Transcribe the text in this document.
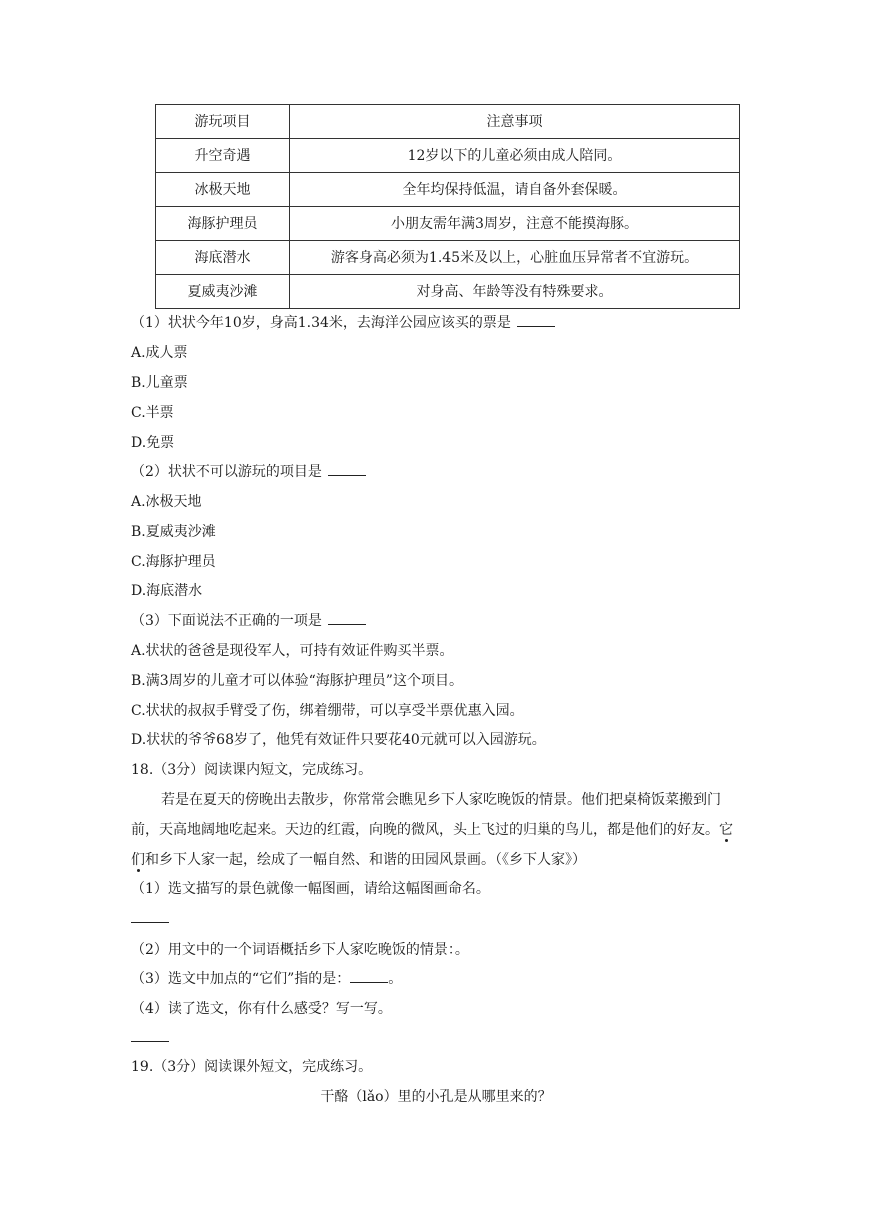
游玩项目	注意事项
升空奇遇	12岁以下的儿童必须由成人陪同。
冰极天地	全年均保持低温，请自备外套保暖。
海豚护理员	小朋友需年满3周岁，注意不能摸海豚。
海底潜水	游客身高必须为1.45米及以上，心脏血压异常者不宜游玩。
夏威夷沙滩	对身高、年龄等没有特殊要求。
（1）状状今年10岁，身高1.34米，去海洋公园应该买的票是
A.成人票
B.儿童票
C.半票
D.免票
（2）状状不可以游玩的项目是
A.冰极天地
B.夏威夷沙滩
C.海豚护理员
D.海底潜水
（3）下面说法不正确的一项是
A.状状的爸爸是现役军人，可持有效证件购买半票。
B.满3周岁的儿童才可以体验“海豚护理员”这个项目。
C.状状的叔叔手臂受了伤，绑着绷带，可以享受半票优惠入园。
D.状状的爷爷68岁了，他凭有效证件只要花40元就可以入园游玩。
18.（3分）阅读课内短文，完成练习。
若是在夏天的傍晚出去散步，你常常会瞧见乡下人家吃晚饭的情景。他们把桌椅饭菜搬到门前，天高地阔地吃起来。天边的红霞，向晚的微风，头上飞过的归巢的鸟儿，都是他们的好友。它们和乡下人家一起，绘成了一幅自然、和谐的田园风景画。（《乡下人家》）
（1）选文描写的景色就像一幅图画，请给这幅图画命名。
（2）用文中的一个词语概括乡下人家吃晚饭的情景：。
（3）选文中加点的“它们”指的是：	。
（4）读了选文，你有什么感受？写一写。
19.（3分）阅读课外短文，完成练习。
干酪（lǎo）里的小孔是从哪里来的？
